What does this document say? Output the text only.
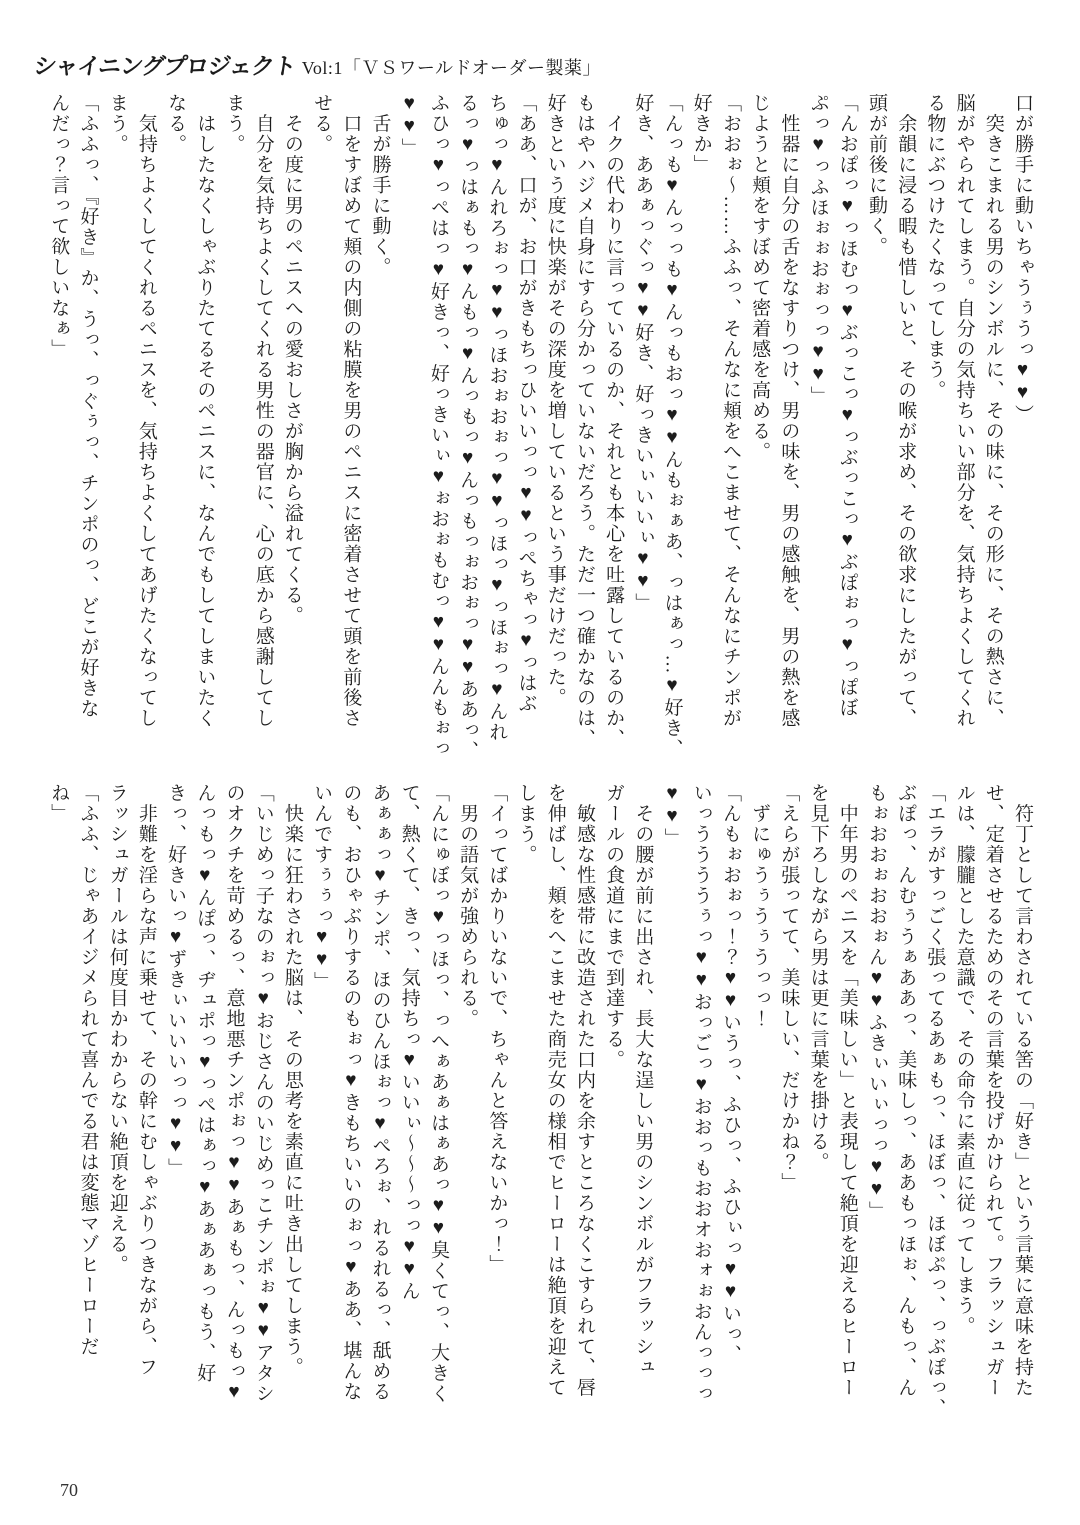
シャイニングプロジェクト Vol:1「ＶＳワールドオーダー製薬」
口が勝手に動いちゃうぅうっ♥♥）
　突きこまれる男のシンボルに、その味に、その形に、その熱さに、
脳がやられてしまう。自分の気持ちいい部分を、気持ちよくしてくれ
る物にぶつけたくなってしまう。
　余韻に浸る暇も惜しいと、その喉が求め、その欲求にしたがって、
頭が前後に動く。
「んおぽっ♥っほむっ♥ぶっこっ♥っぶっこっ♥ぶぽぉっ♥っぽぼ
ぷっ♥っふほぉぉおぉっっ♥♥」
　性器に自分の舌をなすりつけ、男の味を、男の感触を、男の熱を感
じようと頬をすぼめて密着感を高める。
「おおぉ〜……ふふっ、そんなに頬をへこませて、そんなにチンポが
好きか」
「んっも♥んっっも♥んっもおっ♥♥んもぉぁあ、っはぁっ…♥好き、
好き、ああぁっぐっ♥♥好き、好っきいぃいいぃ♥♥」
　イクの代わりに言っているのか、それとも本心を吐露しているのか、
もはやハジメ自身にすら分かっていないだろう。ただ一つ確かなのは、
好きという度に快楽がその深度を増しているという事だけだった。
「ああ、口が、お口がきもちっひいいっっ♥♥っぺちゃっ♥っはぶ
ちゅっ♥んれろぉっ♥♥っほおぉおぉっ♥♥っほっ♥っほぉっ♥んれ
るっ♥っはぁもっ♥んもっ♥んっもっ♥んっもっぉおぉっ♥♥ああっ、
ふひっ♥っぺはっ♥好きっ、好っきいぃ♥ぉおぉもむっ♥♥んんもぉっ
♥♥」
　舌が勝手に動く。
　口をすぼめて頬の内側の粘膜を男のペニスに密着させて頭を前後さ
せる。
　その度に男のペニスへの愛おしさが胸から溢れてくる。
　自分を気持ちよくしてくれる男性の器官に、心の底から感謝してし
まう。
　はしたなくしゃぶりたてるそのペニスに、なんでもしてしまいたく
なる。
　気持ちよくしてくれるペニスを、気持ちよくしてあげたくなってし
まう。
「ふふっ、『好き』か、うっ、っぐぅっ、チンポのっ、どこが好きな
んだっ？言って欲しいなぁ」
　符丁として言わされている筈の「好き」という言葉に意味を持た
せ、定着させるためのその言葉を投げかけられて。フラッシュガー
ルは、朦朧とした意識で、その命令に素直に従ってしまう。
「エラがすっごく張ってるあぁもっ、ほぼっ、ほぼぷっ、っぶぽっ、
ぶぽっ、んむぅうぁああっ、美味しっ、ああもっほぉ、んもっ、ん
もぉおおぉおおぉん♥♥ふきぃいぃっっ♥♥」
　中年男のペニスを「美味しい」と表現して絶頂を迎えるヒーロー
を見下ろしながら男は更に言葉を掛ける。
「えらが張ってて、美味しい、だけかね？」
　ずにゅうぅうぅうっっ！
「んもぉおぉっ！？♥♥いうっ、ふひっ、ふひぃっ♥♥いっ、
いっううううぅっ♥♥おっごっ♥おおっもおおオおォぉおんっっっ
♥♥」
　その腰が前に出され、長大な逞しい男のシンボルがフラッシュ
ガールの食道にまで到達する。
　敏感な性感帯に改造された口内を余すところなくこすられて、唇
を伸ばし、頬をへこませた商売女の様相でヒーローは絶頂を迎えて
しまう。
「イってばかりいないで、ちゃんと答えないかっ！」
　男の語気が強められる。
「んにゅぼっ♥っほっ、っへぁあぁはぁあっ♥♥臭くてっ、大きく
て、熱くて、きっ、気持ちっ♥いいぃ〜〜〜っっ♥♥ん
あぁぁっ♥チンポ、ほのひんほぉっ♥ぺろぉ、れるれるっ、舐める
のも、おひゃぶりするのもぉっ♥きもちいいのぉっ♥ああ、堪んな
いんですぅぅっ♥♥」
　快楽に狂わされた脳は、その思考を素直に吐き出してしまう。
「いじめっ子なのぉっ♥おじさんのいじめっこチンポぉ♥♥アタシ
のオクチを苛めるっ、意地悪チンポぉっ♥♥あぁもっ、んっもっ♥
んっもっ♥んぽっ、ヂュポっ♥っぺはぁっ♥あぁあぁっもう、好
きっ、好きいっ♥ずきぃいいいっっ♥♥」
　非難を淫らな声に乗せて、その幹にむしゃぶりつきながら、フ
ラッシュガールは何度目かわからない絶頂を迎える。
「ふふ、じゃあイジメられて喜んでる君は変態マゾヒーローだ
ね」
70
